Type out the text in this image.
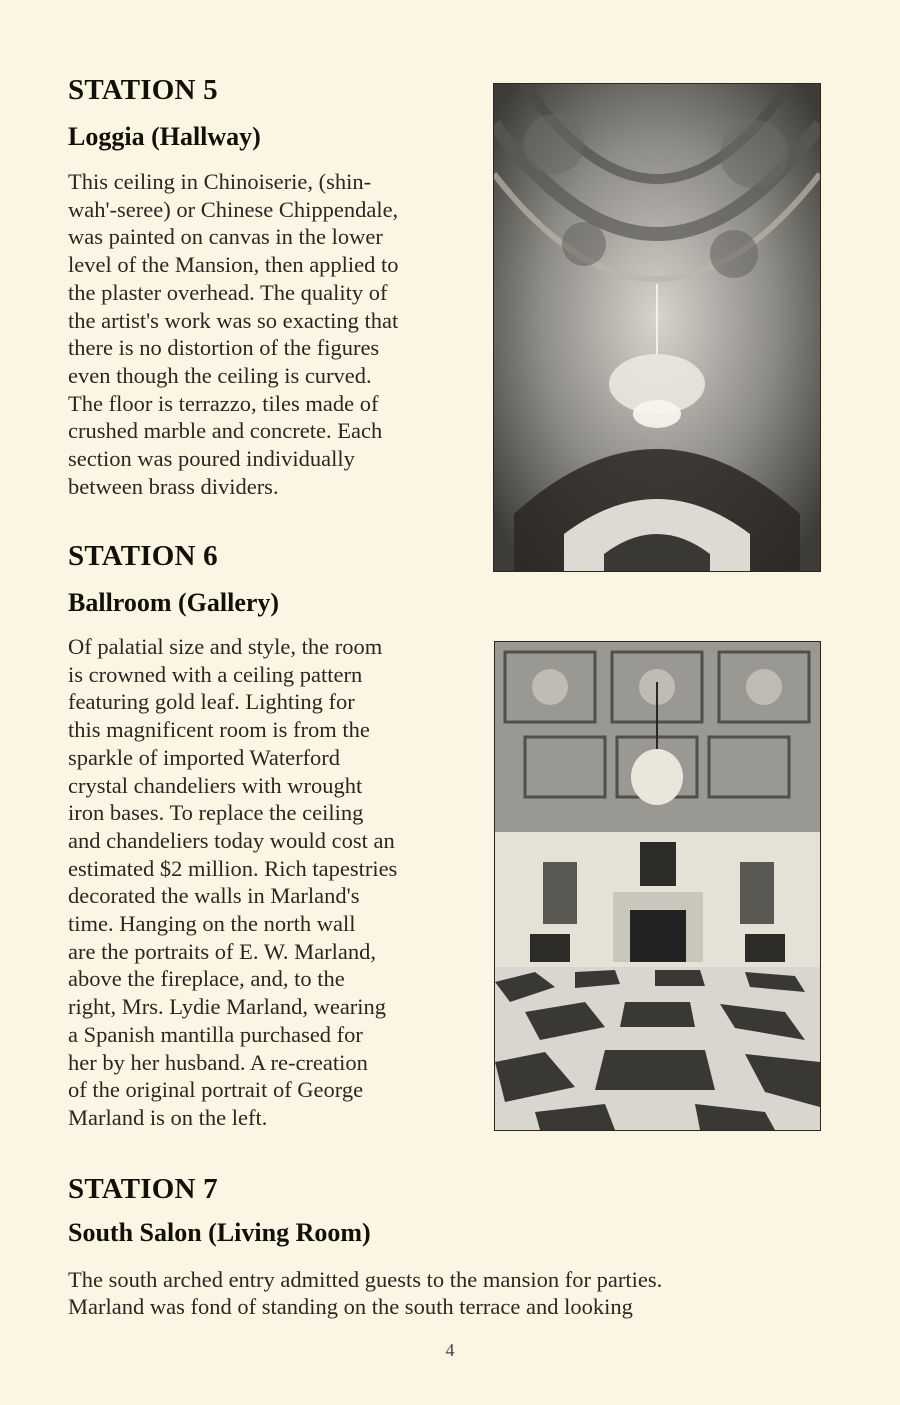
STATION 5
Loggia (Hallway)
This ceiling in Chinoiserie, (shin-
wah'-seree) or Chinese Chippendale,
was painted on canvas in the lower
level of the Mansion, then applied to
the plaster overhead. The quality of
the artist's work was so exacting that
there is no distortion of the figures
even though the ceiling is curved.
The floor is terrazzo, tiles made of
crushed marble and concrete. Each
section was poured individually
between brass dividers.
STATION 6
Ballroom (Gallery)
Of palatial size and style, the room
is crowned with a ceiling pattern
featuring gold leaf. Lighting for
this magnificent room is from the
sparkle of imported Waterford
crystal chandeliers with wrought
iron bases. To replace the ceiling
and chandeliers today would cost an
estimated $2 million. Rich tapestries
decorated the walls in Marland's
time. Hanging on the north wall
are the portraits of E. W. Marland,
above the fireplace, and, to the
right, Mrs. Lydie Marland, wearing
a Spanish mantilla purchased for
her by her husband. A re-creation
of the original portrait of George
Marland is on the left.
STATION 7
South Salon (Living Room)
The south arched entry admitted guests to the mansion for parties.
Marland was fond of standing on the south terrace and looking
4
